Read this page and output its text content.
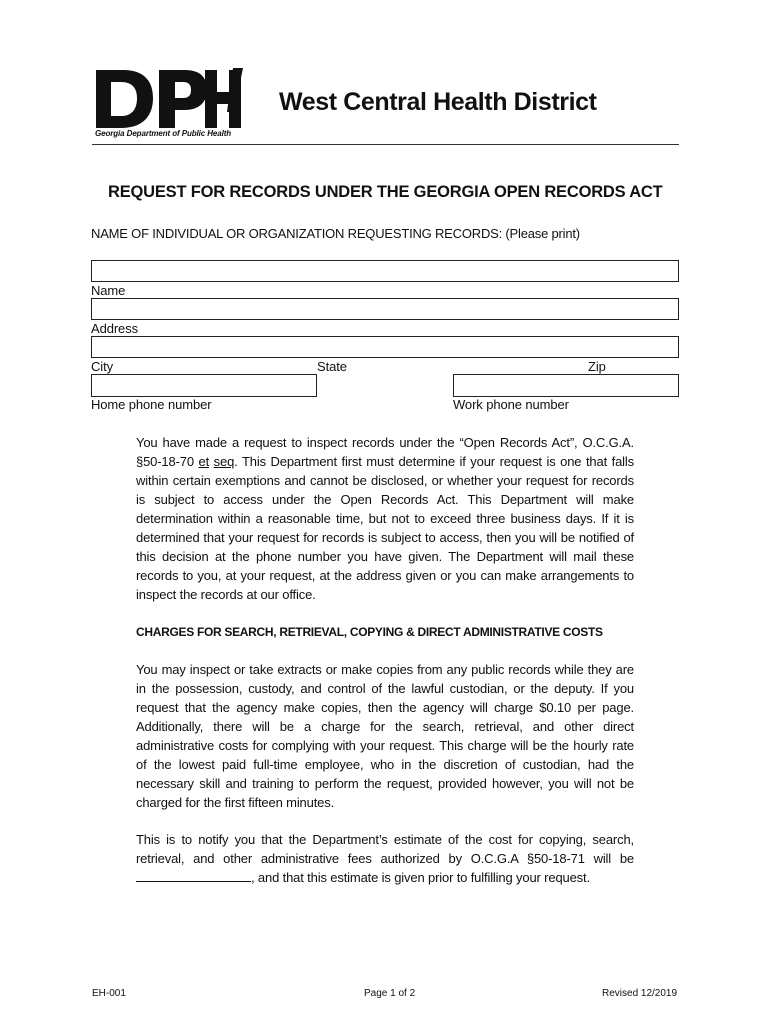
Georgia Department of Public Health
West Central Health District
REQUEST FOR RECORDS UNDER THE GEORGIA OPEN RECORDS ACT
NAME OF INDIVIDUAL OR ORGANIZATION REQUESTING RECORDS: (Please print)
Name
Address
City	State	Zip
Home phone number	Work phone number
You have made a request to inspect records under the “Open Records Act”, O.C.G.A. §50-18-70 et seq. This Department first must determine if your request is one that falls within certain exemptions and cannot be disclosed, or whether your request for records is subject to access under the Open Records Act. This Department will make determination within a reasonable time, but not to exceed three business days. If it is determined that your request for records is subject to access, then you will be notified of this decision at the phone number you have given. The Department will mail these records to you, at your request, at the address given or you can make arrangements to inspect the records at our office.
CHARGES FOR SEARCH, RETRIEVAL, COPYING & DIRECT ADMINISTRATIVE COSTS
You may inspect or take extracts or make copies from any public records while they are in the possession, custody, and control of the lawful custodian, or the deputy. If you request that the agency make copies, then the agency will charge $0.10 per page. Additionally, there will be a charge for the search, retrieval, and other direct administrative costs for complying with your request. This charge will be the hourly rate of the lowest paid full-time employee, who in the discretion of custodian, had the necessary skill and training to perform the request, provided however, you will not be charged for the first fifteen minutes.
This is to notify you that the Department’s estimate of the cost for copying, search, retrieval, and other administrative fees authorized by O.C.G.A §50-18-71 will be , and that this estimate is given prior to fulfilling your request.
EH-001	Page 1 of 2	Revised 12/2019
